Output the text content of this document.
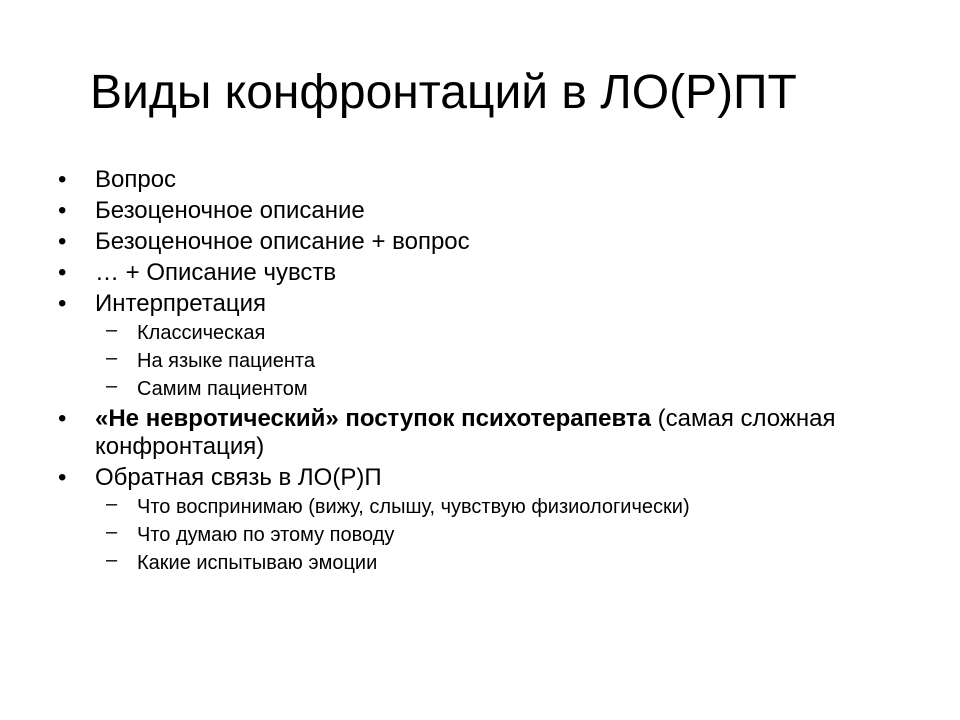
Виды конфронтаций в ЛО(Р)ПТ
• Вопрос
• Безоценочное описание
• Безоценочное описание + вопрос
• … + Описание чувств
• Интерпретация
– Классическая
– На языке пациента
– Самим пациентом
• «Не невротический» поступок психотерапевта (самая сложная конфронтация)
• Обратная связь в ЛО(Р)П
– Что воспринимаю (вижу, слышу, чувствую физиологически)
– Что думаю по этому поводу
– Какие испытываю эмоции
